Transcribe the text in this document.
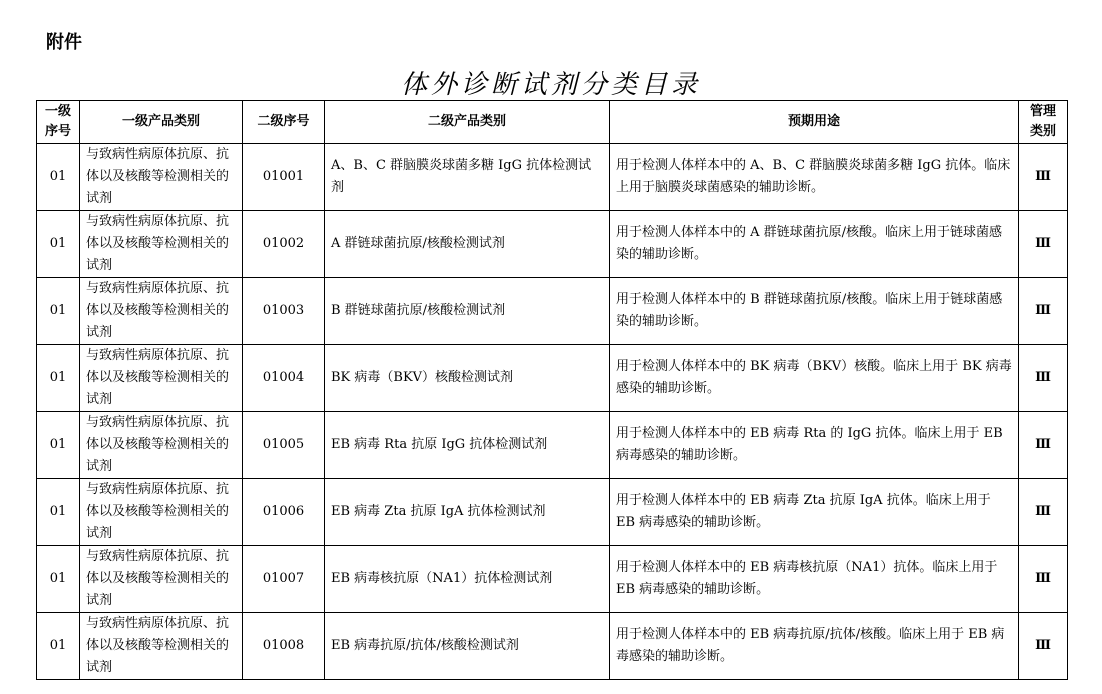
附件
体外诊断试剂分类目录
一级序号	一级产品类别	二级序号	二级产品类别	预期用途	管理类别
01	与致病性病原体抗原、抗体以及核酸等检测相关的试剂	01001	A、B、C 群脑膜炎球菌多糖 IgG 抗体检测试剂	用于检测人体样本中的 A、B、C 群脑膜炎球菌多糖 IgG 抗体。临床上用于脑膜炎球菌感染的辅助诊断。	Ⅲ
01	与致病性病原体抗原、抗体以及核酸等检测相关的试剂	01002	A 群链球菌抗原/核酸检测试剂	用于检测人体样本中的 A 群链球菌抗原/核酸。临床上用于链球菌感染的辅助诊断。	Ⅲ
01	与致病性病原体抗原、抗体以及核酸等检测相关的试剂	01003	B 群链球菌抗原/核酸检测试剂	用于检测人体样本中的 B 群链球菌抗原/核酸。临床上用于链球菌感染的辅助诊断。	Ⅲ
01	与致病性病原体抗原、抗体以及核酸等检测相关的试剂	01004	BK 病毒（BKV）核酸检测试剂	用于检测人体样本中的 BK 病毒（BKV）核酸。临床上用于 BK 病毒感染的辅助诊断。	Ⅲ
01	与致病性病原体抗原、抗体以及核酸等检测相关的试剂	01005	EB 病毒 Rta 抗原 IgG 抗体检测试剂	用于检测人体样本中的 EB 病毒 Rta 的 IgG 抗体。临床上用于 EB 病毒感染的辅助诊断。	Ⅲ
01	与致病性病原体抗原、抗体以及核酸等检测相关的试剂	01006	EB 病毒 Zta 抗原 IgA 抗体检测试剂	用于检测人体样本中的 EB 病毒 Zta 抗原 IgA 抗体。临床上用于 EB 病毒感染的辅助诊断。	Ⅲ
01	与致病性病原体抗原、抗体以及核酸等检测相关的试剂	01007	EB 病毒核抗原（NA1）抗体检测试剂	用于检测人体样本中的 EB 病毒核抗原（NA1）抗体。临床上用于 EB 病毒感染的辅助诊断。	Ⅲ
01	与致病性病原体抗原、抗体以及核酸等检测相关的试剂	01008	EB 病毒抗原/抗体/核酸检测试剂	用于检测人体样本中的 EB 病毒抗原/抗体/核酸。临床上用于 EB 病毒感染的辅助诊断。	Ⅲ
